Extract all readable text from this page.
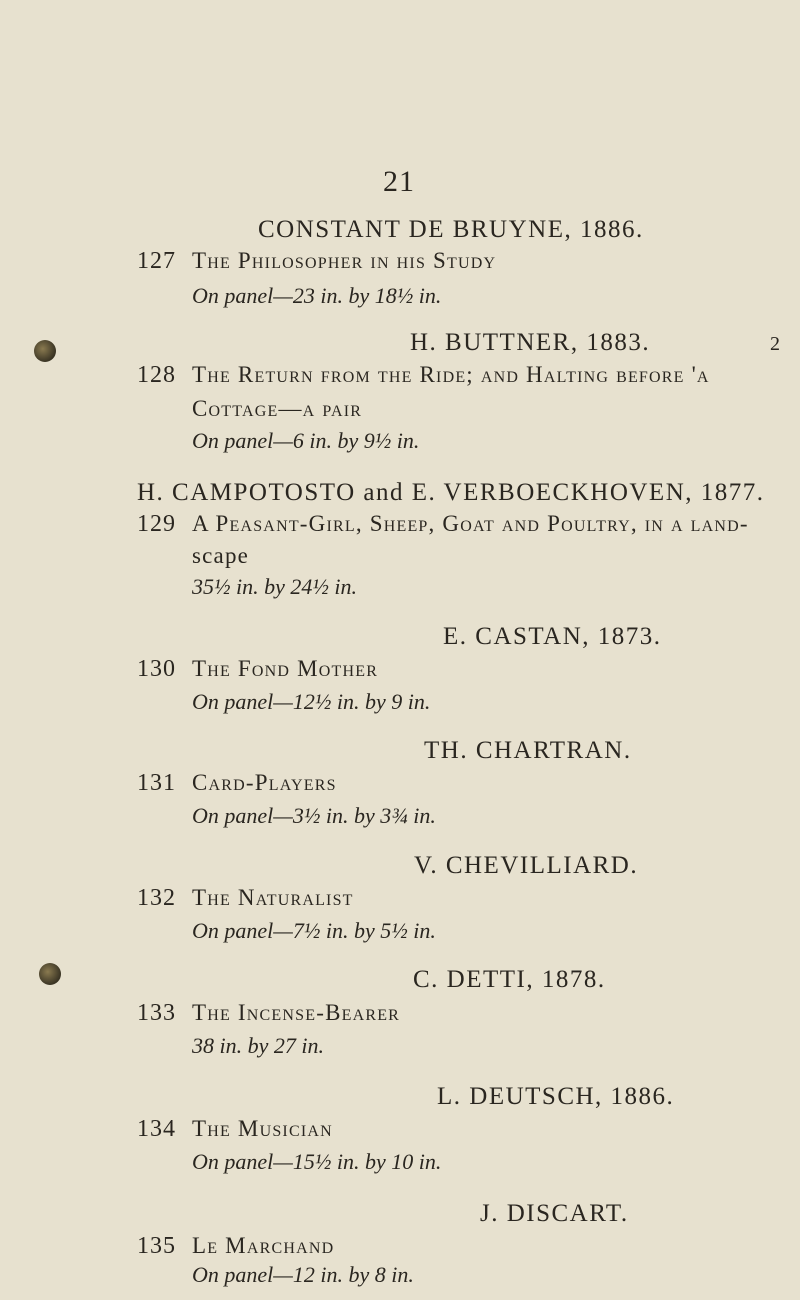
21
2
CONSTANT DE BRUYNE, 1886.
127 The Philosopher in his Study
On panel—23 in. by 18½ in.
H. BUTTNER, 1883.
128 The Return from the Ride; and Halting before 'a
Cottage—a pair
On panel—6 in. by 9½ in.
H. CAMPOTOSTO and E. VERBOECKHOVEN, 1877.
129 A Peasant-Girl, Sheep, Goat and Poultry, in a land-
scape
35½ in. by 24½ in.
E. CASTAN, 1873.
130 The Fond Mother
On panel—12½ in. by 9 in.
TH. CHARTRAN.
131 Card-Players
On panel—3½ in. by 3¾ in.
V. CHEVILLIARD.
132 The Naturalist
On panel—7½ in. by 5½ in.
C. DETTI, 1878.
133 The Incense-Bearer
38 in. by 27 in.
L. DEUTSCH, 1886.
134 The Musician
On panel—15½ in. by 10 in.
J. DISCART.
135 Le Marchand
On panel—12 in. by 8 in.
